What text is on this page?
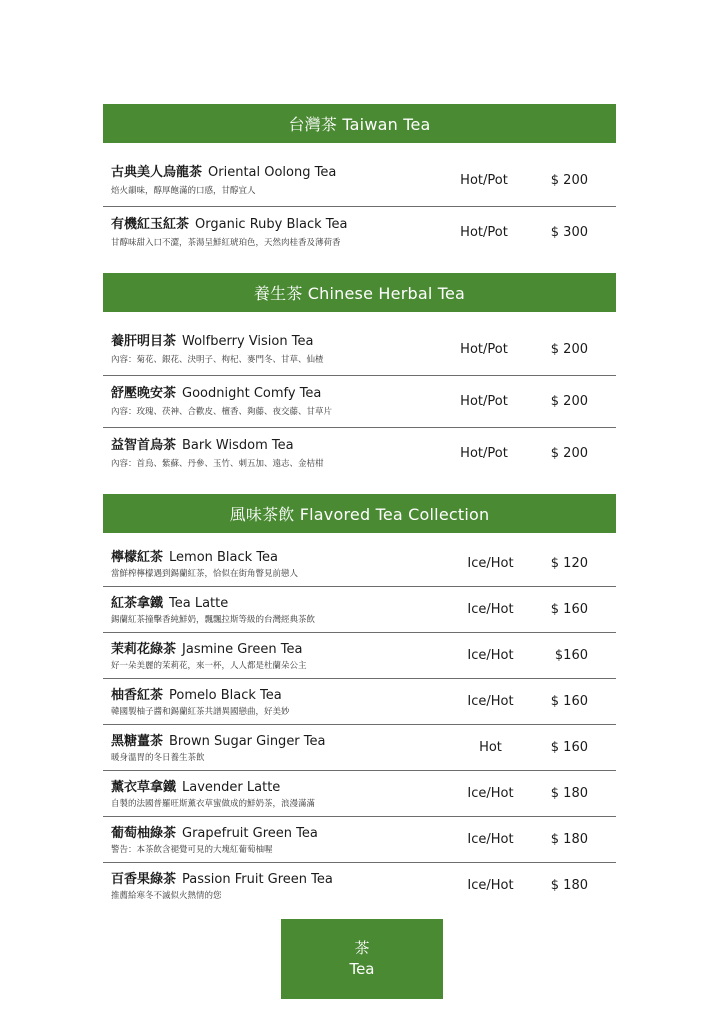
台灣茶 Taiwan Tea
古典美人烏龍茶 Oriental Oolong Tea
焙火韻味，醇厚飽滿的口感，甘醇宜人
Hot/Pot	$ 200
有機紅玉紅茶 Organic Ruby Black Tea
甘醇味甜入口不澀，茶湯呈鮮紅琥珀色，天然肉桂香及薄荷香
Hot/Pot	$ 300
養生茶 Chinese Herbal Tea
養肝明目茶 Wolfberry Vision Tea
內容：菊花、銀花、決明子、枸杞、麥門冬、甘草、仙楂
Hot/Pot	$ 200
舒壓晚安茶 Goodnight Comfy Tea
內容：玫瑰、茯神、合歡皮、檀香、夠藤、夜交藤、甘草片
Hot/Pot	$ 200
益智首烏茶 Bark Wisdom Tea
內容：首烏、紫蘇、丹參、玉竹、刺五加、遠志、金桔柑
Hot/Pot	$ 200
風味茶飲 Flavored Tea Collection
檸檬紅茶 Lemon Black Tea
當鮮榨檸檬遇到錫蘭紅茶，恰似在街角瞥見前戀人
Ice/Hot	$ 120
紅茶拿鐵 Tea Latte
錫蘭紅茶撞擊香純鮮奶，飄飄拉斯等級的台灣經典茶飲
Ice/Hot	$ 160
茉莉花綠茶 Jasmine Green Tea
好一朵美麗的茉莉花，來一杯，人人都是杜蘭朵公主
Ice/Hot	$160
柚香紅茶 Pomelo Black Tea
韓國製柚子醬和錫蘭紅茶共譜異國戀曲，好美妙
Ice/Hot	$ 160
黑糖薑茶 Brown Sugar Ginger Tea
暖身溫胃的冬日養生茶飲
Hot	$ 160
薰衣草拿鐵 Lavender Latte
自製的法國普羅旺斯薰衣草蜜做成的鮮奶茶，浪漫滿滿
Ice/Hot	$ 180
葡萄柚綠茶 Grapefruit Green Tea
警告：本茶飲含褪覺可見的大塊紅葡萄柚喔
Ice/Hot	$ 180
百香果綠茶 Passion Fruit Green Tea
推薦給寒冬不滅似火熱情的您
Ice/Hot	$ 180
茶
Tea
